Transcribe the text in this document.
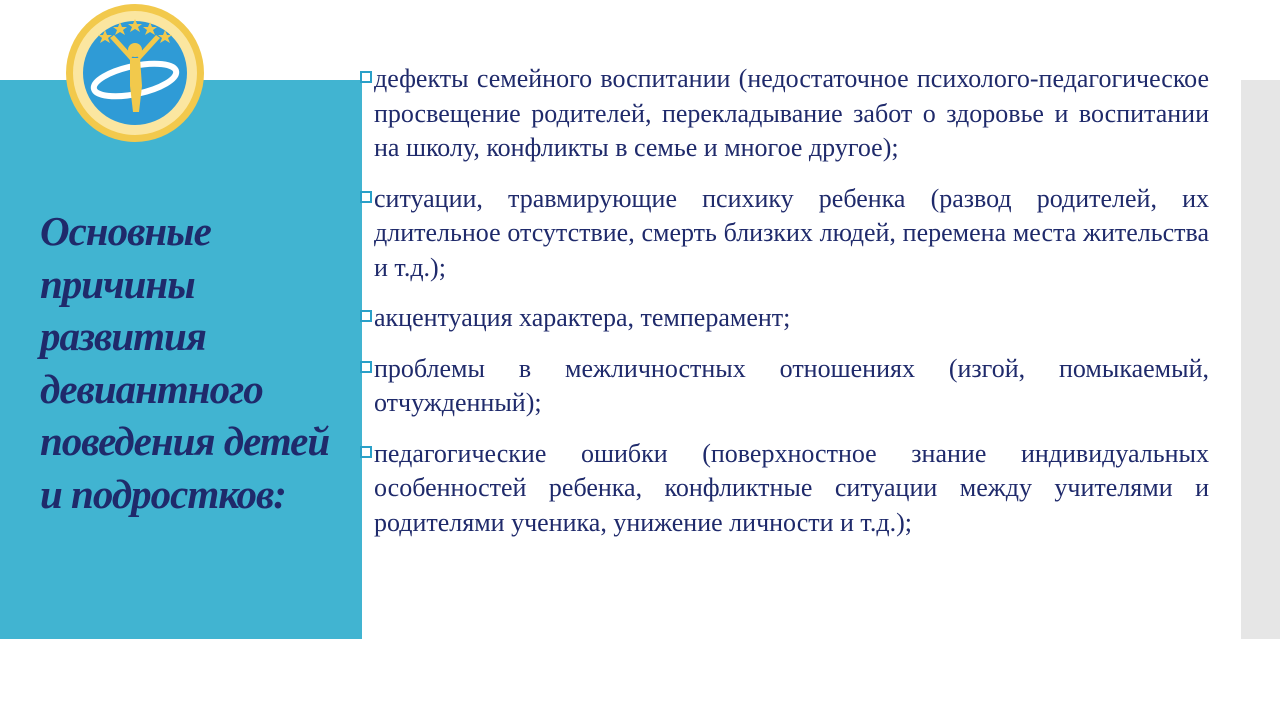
Основные причины развития девиантного поведения детей и подростков:
дефекты семейного воспитании (недостаточное психолого-педагогическое просвещение родителей, перекладывание забот о здоровье и воспитании на школу, конфликты в семье и многое другое);
ситуации, травмирующие психику ребенка (развод родителей, их длительное отсутствие, смерть близких людей, перемена места жительства и т.д.);
акцентуация характера, темперамент;
проблемы в межличностных отношениях (изгой, помыкаемый, отчужденный);
педагогические ошибки (поверхностное знание индивидуальных особенностей ребенка, конфликтные ситуации между учителями и родителями ученика, унижение личности и т.д.);
